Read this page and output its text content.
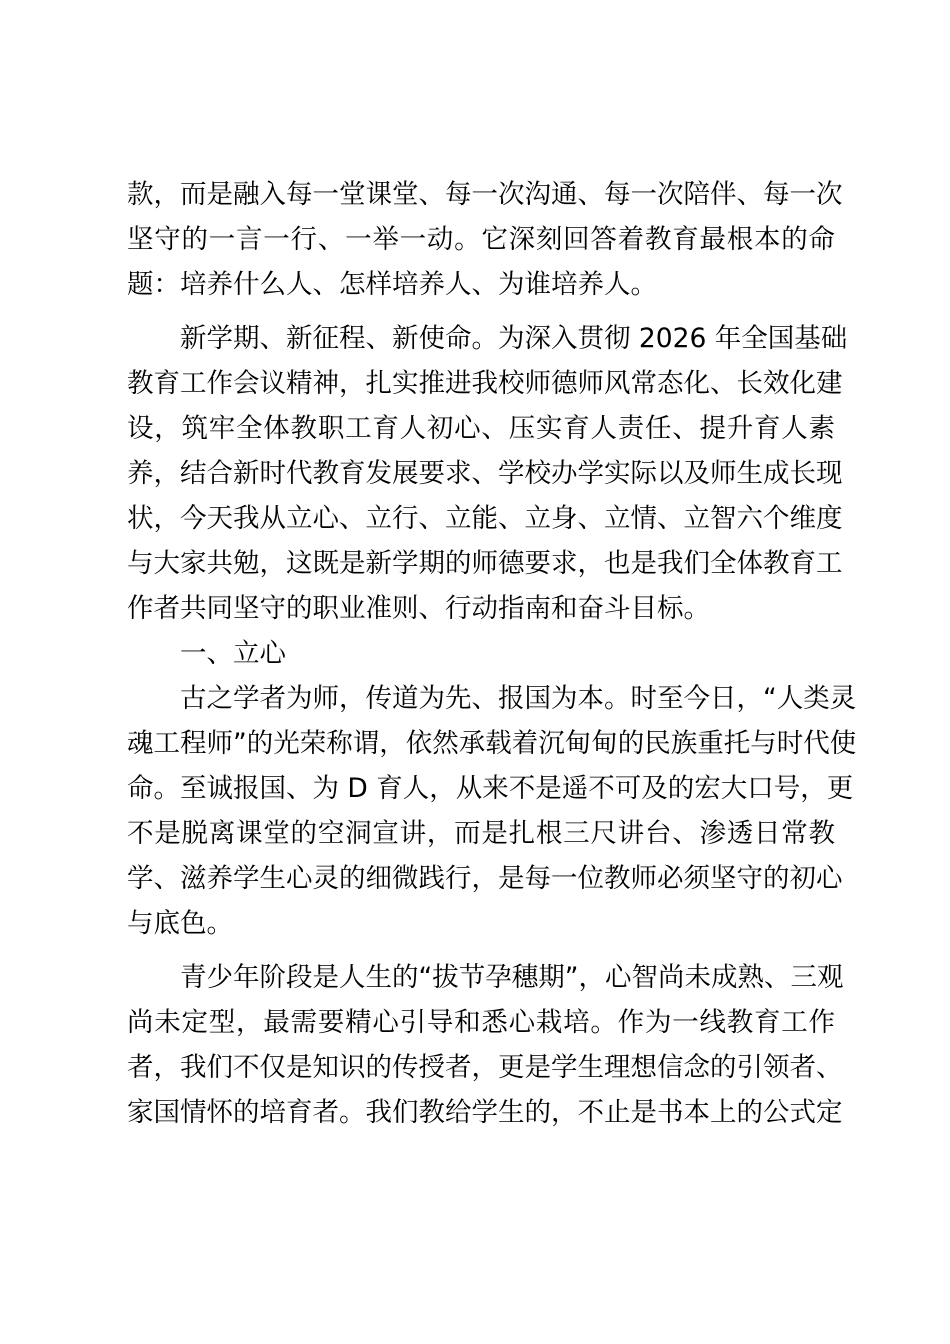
款，而是融入每一堂课堂、每一次沟通、每一次陪伴、每一次
坚守的一言一行、一举一动。它深刻回答着教育最根本的命
题：培养什么人、怎样培养人、为谁培养人。
新学期、新征程、新使命。为深入贯彻 2026 年全国基础
教育工作会议精神，扎实推进我校师德师风常态化、长效化建
设，筑牢全体教职工育人初心、压实育人责任、提升育人素
养，结合新时代教育发展要求、学校办学实际以及师生成长现
状，今天我从立心、立行、立能、立身、立情、立智六个维度
与大家共勉，这既是新学期的师德要求，也是我们全体教育工
作者共同坚守的职业准则、行动指南和奋斗目标。
一、立心
古之学者为师，传道为先、报国为本。时至今日，“人类灵
魂工程师”的光荣称谓，依然承载着沉甸甸的民族重托与时代使
命。至诚报国、为 D 育人，从来不是遥不可及的宏大口号，更
不是脱离课堂的空洞宣讲，而是扎根三尺讲台、渗透日常教
学、滋养学生心灵的细微践行，是每一位教师必须坚守的初心
与底色。
青少年阶段是人生的“拔节孕穗期”，心智尚未成熟、三观
尚未定型，最需要精心引导和悉心栽培。作为一线教育工作
者，我们不仅是知识的传授者，更是学生理想信念的引领者、
家国情怀的培育者。我们教给学生的，不止是书本上的公式定
